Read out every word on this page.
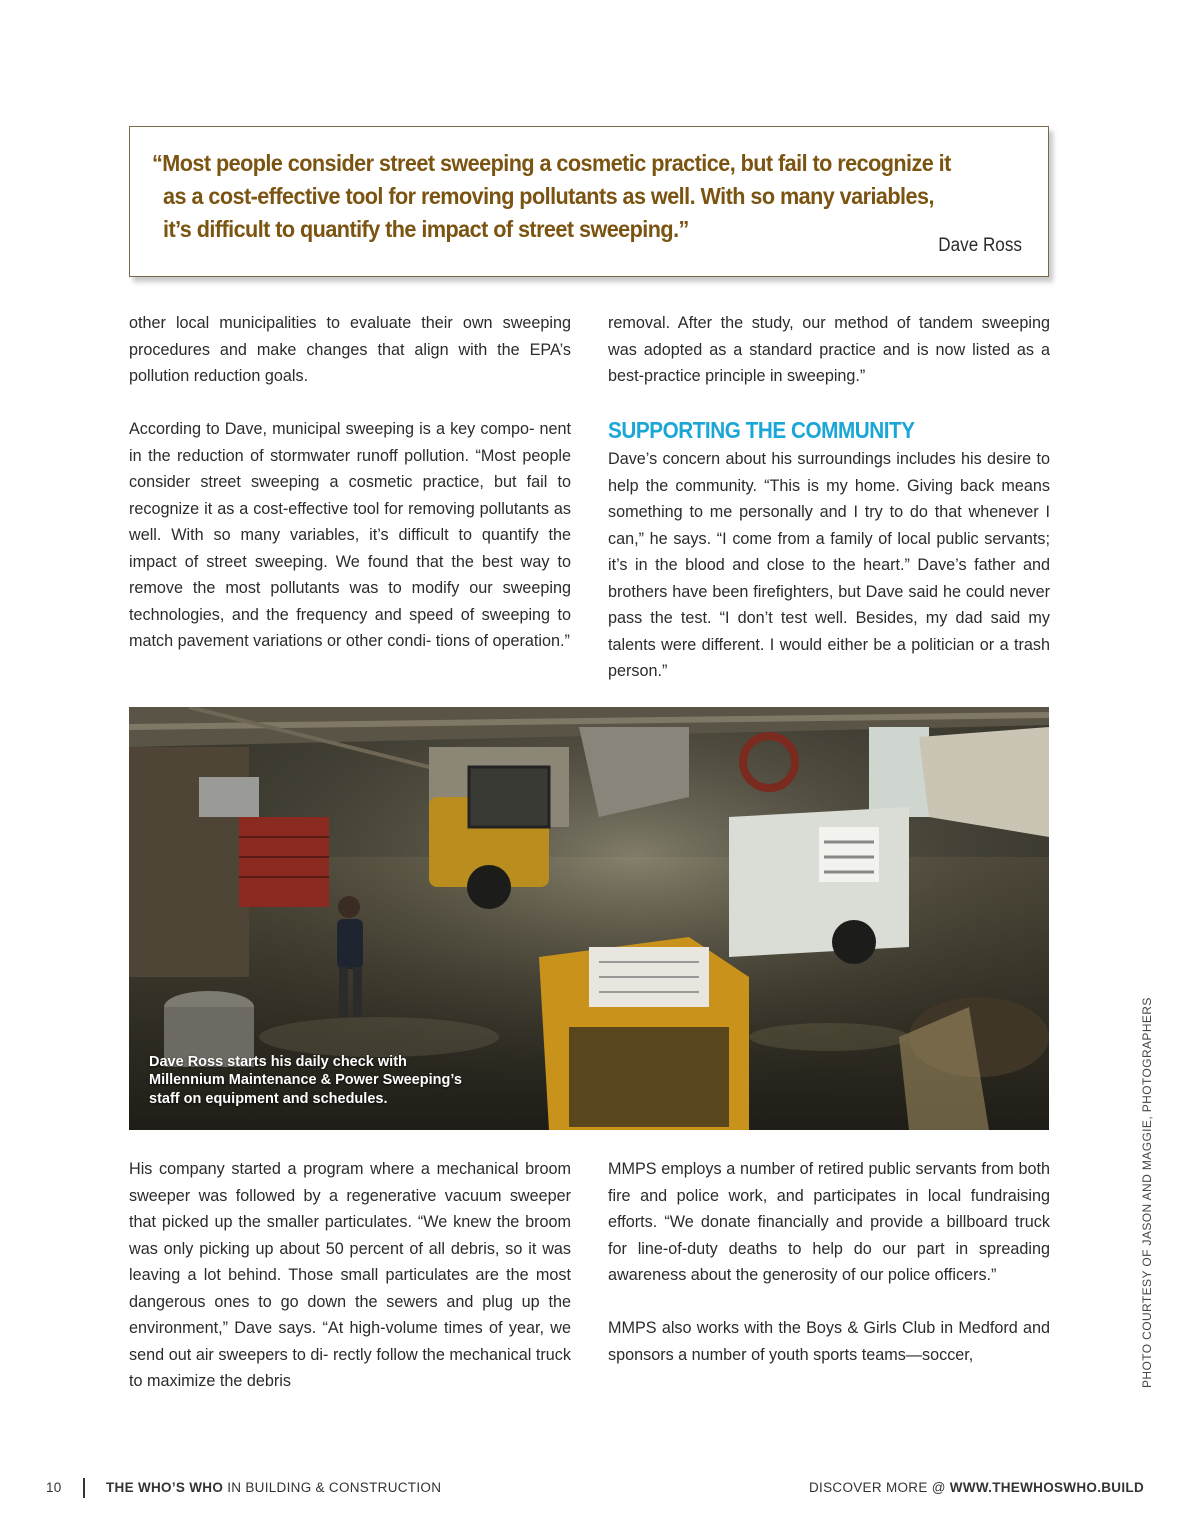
“Most people consider street sweeping a cosmetic practice, but fail to recognize it as a cost-effective tool for removing pollutants as well. With so many variables, it’s difficult to quantify the impact of street sweeping.”
Dave Ross

other local municipalities to evaluate their own sweeping procedures and make changes that align with the EPA’s pollution reduction goals.

According to Dave, municipal sweeping is a key compo- nent in the reduction of stormwater runoff pollution. “Most people consider street sweeping a cosmetic practice, but fail to recognize it as a cost-effective tool for removing pollutants as well. With so many variables, it’s difficult to quantify the impact of street sweeping. We found that the best way to remove the most pollutants was to modify our sweeping technologies, and the frequency and speed of sweeping to match pavement variations or other condi- tions of operation.”

removal. After the study, our method of tandem sweeping was adopted as a standard practice and is now listed as a best-practice principle in sweeping.”

SUPPORTING THE COMMUNITY

Dave’s concern about his surroundings includes his desire to help the community. “This is my home. Giving back means something to me personally and I try to do that whenever I can,” he says. “I come from a family of local public servants; it’s in the blood and close to the heart.” Dave’s father and brothers have been firefighters, but Dave said he could never pass the test. “I don’t test well. Besides, my dad said my talents were different. I would either be a politician or a trash person.”

Dave Ross starts his daily check with Millennium Maintenance & Power Sweeping’s staff on equipment and schedules.

His company started a program where a mechanical broom sweeper was followed by a regenerative vacuum sweeper that picked up the smaller particulates. “We knew the broom was only picking up about 50 percent of all debris, so it was leaving a lot behind. Those small particulates are the most dangerous ones to go down the sewers and plug up the environment,” Dave says. “At high-volume times of year, we send out air sweepers to di- rectly follow the mechanical truck to maximize the debris

MMPS employs a number of retired public servants from both fire and police work, and participates in local fundraising efforts. “We donate financially and provide a billboard truck for line-of-duty deaths to help do our part in spreading awareness about the generosity of our police officers.”

MMPS also works with the Boys & Girls Club in Medford and sponsors a number of youth sports teams—soccer,	PHOTO COURTESY OF JASON AND MAGGIE, PHOTOGRAPHERS
10	THE WHO’S WHO IN BUILDING & CONSTRUCTION	DISCOVER MORE @ WWW.THEWHOSWHO.BUILD
